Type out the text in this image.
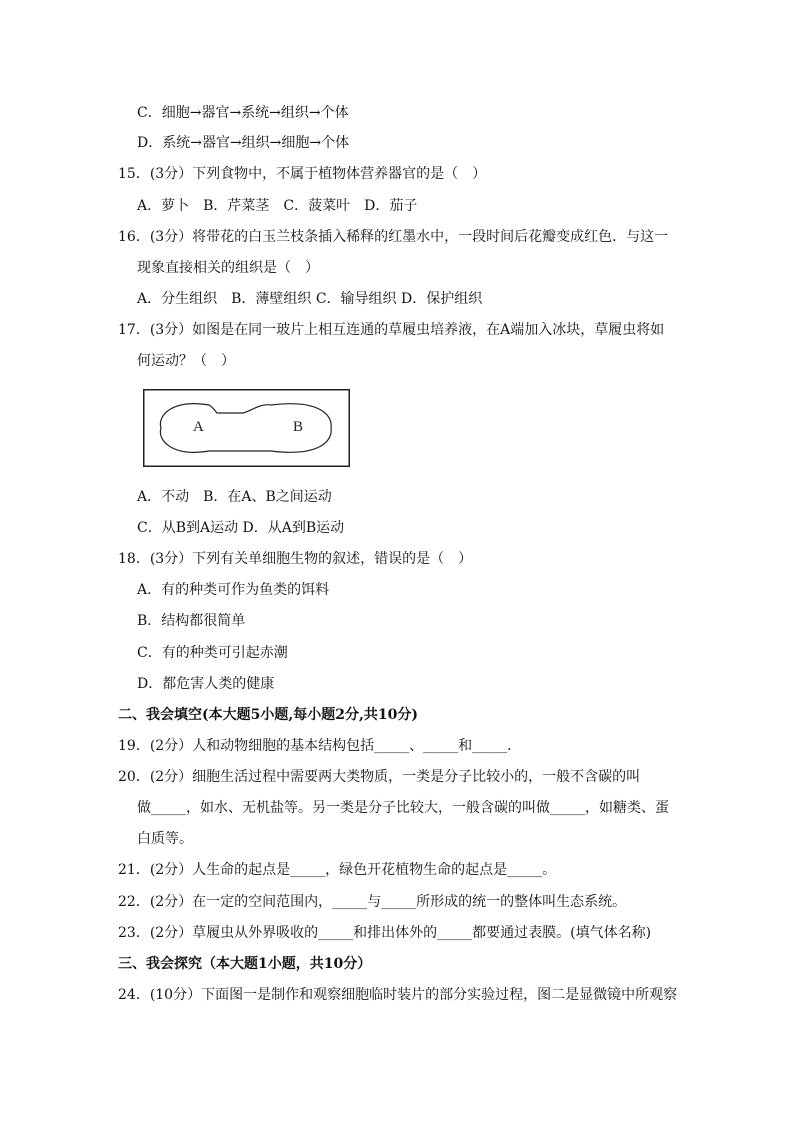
C．细胞→器官→系统→组织→个体
D．系统→器官→组织→细胞→个体
15．(3分）下列食物中，不属于植物体营养器官的是（　）
A．萝卜　B．芹菜茎　C．菠菜叶　D．茄子
16．(3分）将带花的白玉兰枝条插入稀释的红墨水中，一段时间后花瓣变成红色．与这一
现象直接相关的组织是（　）
A．分生组织　B．薄壁组织 C．输导组织 D．保护组织
17．(3分）如图是在同一玻片上相互连通的草履虫培养液，在A端加入冰块，草履虫将如
何运动？（　）
A	B
A．不动　B．在A、B之间运动
C．从B到A运动 D．从A到B运动
18．(3分）下列有关单细胞生物的叙述，错误的是（　）
A．有的种类可作为鱼类的饵料
B．结构都很简单
C．有的种类可引起赤潮
D．都危害人类的健康
二、我会填空(本大题5小题,每小题2分,共10分)
19．(2分）人和动物细胞的基本结构包括_____、_____和_____．
20．(2分）细胞生活过程中需要两大类物质，一类是分子比较小的，一般不含碳的叫
做_____，如水、无机盐等。另一类是分子比较大，一般含碳的叫做_____，如糖类、蛋
白质等。
21．(2分）人生命的起点是_____，绿色开花植物生命的起点是_____。
22．(2分）在一定的空间范围内，_____与_____所形成的统一的整体叫生态系统。
23．(2分）草履虫从外界吸收的_____和排出体外的_____都要通过表膜。(填气体名称)
三、我会探究（本大题1小题，共10分）
24．(10分）下面图一是制作和观察细胞临时装片的部分实验过程，图二是显微镜中所观察
